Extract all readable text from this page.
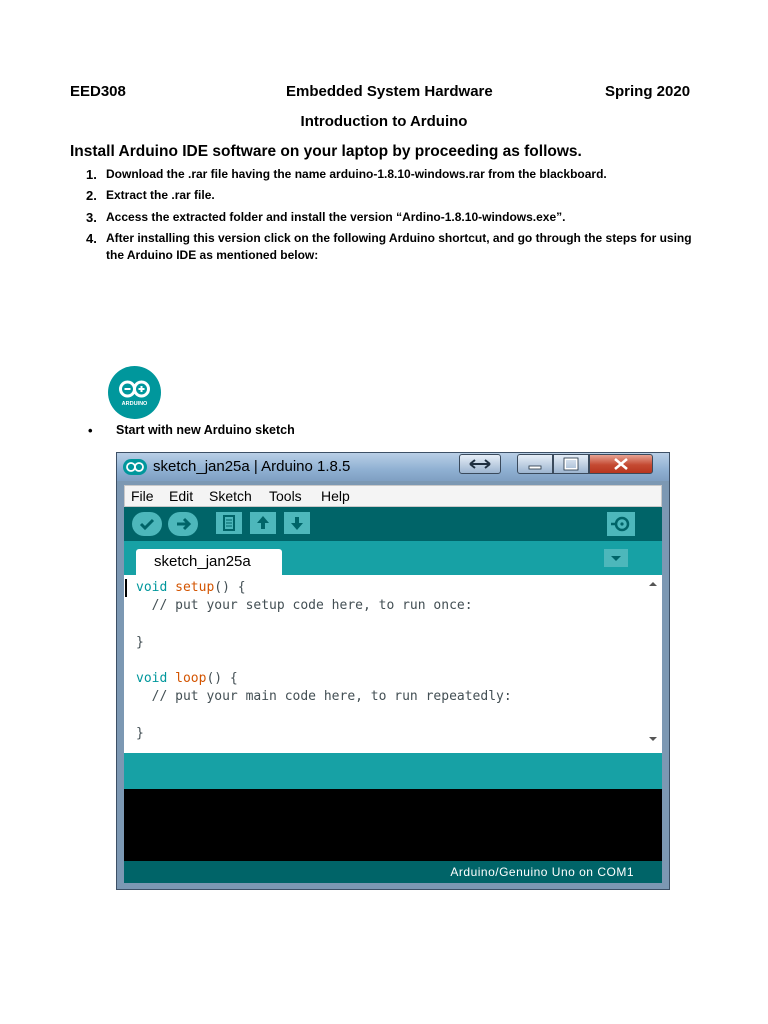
EED308	Embedded System Hardware	Spring 2020
Introduction to Arduino
Install Arduino IDE software on your laptop by proceeding as follows.
1. Download the .rar file having the name arduino-1.8.10-windows.rar from the blackboard.
2. Extract the .rar file.
3. Access the extracted folder and install the version “Ardino-1.8.10-windows.exe”.
4. After installing this version click on the following Arduino shortcut, and go through the steps for using the Arduino IDE as mentioned below:
ARDUINO
• Start with new Arduino sketch
sketch_jan25a | Arduino 1.8.5
File Edit Sketch Tools Help
sketch_jan25a
void setup() {
// put your setup code here, to run once:

}

void loop() {
// put your main code here, to run repeatedly:

}
Arduino/Genuino Uno on COM1
